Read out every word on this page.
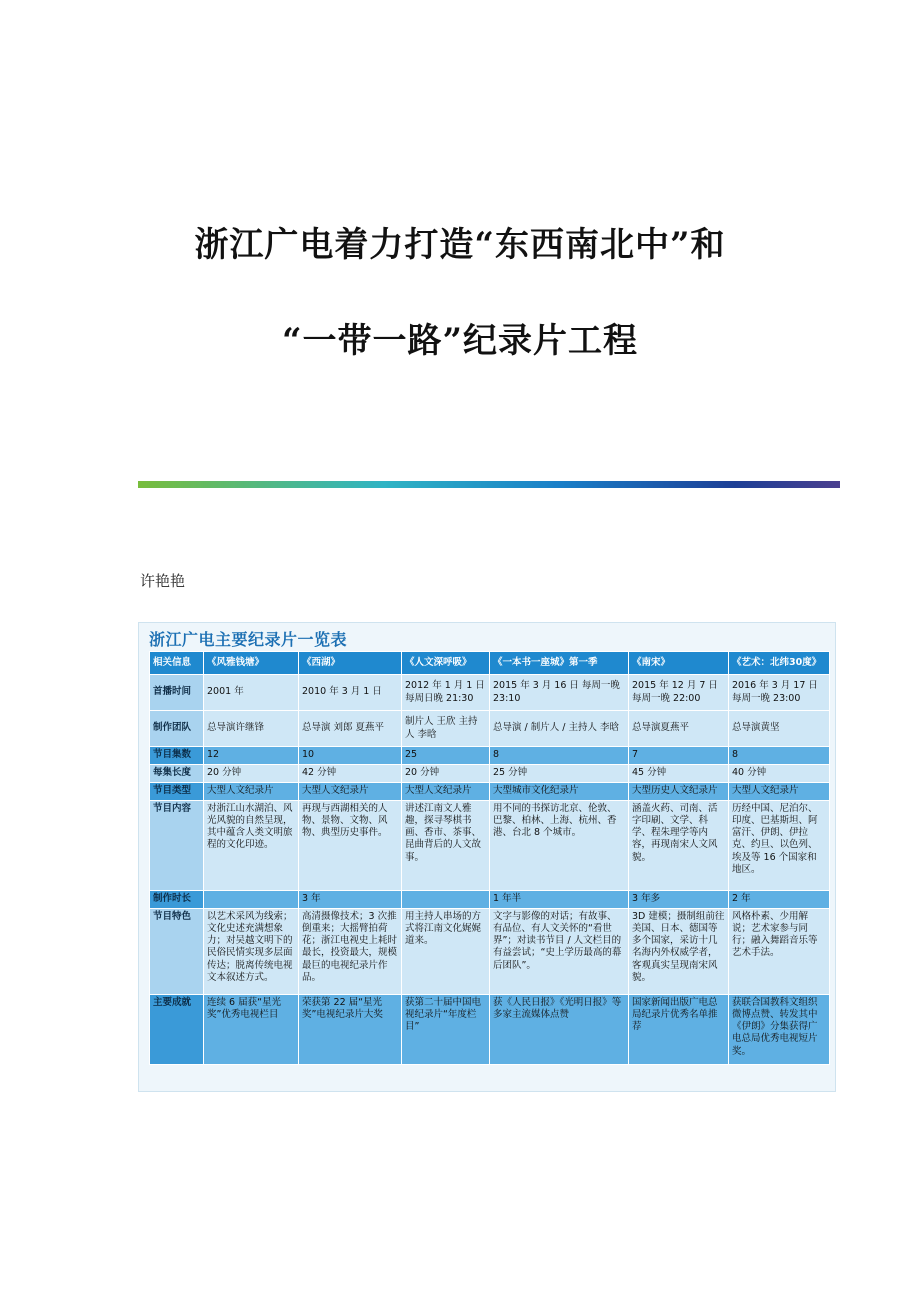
浙江广电着力打造“东西南北中”和
“一带一路”纪录片工程
许艳艳
浙江广电主要纪录片一览表
相关信息	《风雅钱塘》	《西湖》	《人文深呼吸》	《一本书一座城》第一季	《南宋》	《艺术：北纬30度》
首播时间	2001 年	2010 年 3 月 1 日	2012 年 1 月 1 日 每周日晚 21:30	2015 年 3 月 16 日 每周一晚 23:10	2015 年 12 月 7 日 每周一晚 22:00	2016 年 3 月 17 日 每周一晚 23:00
制作团队	总导演许继锋	总导演 刘郎 夏燕平	制片人 王欣 主持人 李晗	总导演 / 制片人 / 主持人 李晗	总导演夏燕平	总导演黄坚
节目集数	12	10	25	8	7	8
每集长度	20 分钟	42 分钟	20 分钟	25 分钟	45 分钟	40 分钟
节目类型	大型人文纪录片	大型人文纪录片	大型人文纪录片	大型城市文化纪录片	大型历史人文纪录片	大型人文纪录片
节目内容	对浙江山水湖泊、风光风貌的自然呈现，其中蕴含人类文明旅程的文化印迹。	再现与西湖相关的人物、景物、文物、风物、典型历史事件。	讲述江南文人雅趣，探寻琴棋书画、香市、茶事、昆曲背后的人文故事。	用不同的书探访北京、伦敦、巴黎、柏林、上海、杭州、香港、台北 8 个城市。	涵盖火药、司南、活字印刷、文学、科学、程朱理学等内容，再现南宋人文风貌。	历经中国、尼泊尔、印度、巴基斯坦、阿富汗、伊朗、伊拉克、约旦、以色列、埃及等 16 个国家和地区。
制作时长		3 年		1 年半	3 年多	2 年
节目特色	以艺术采风为线索；文化史述充满想象力；对吴越文明下的民俗民情实现多层面传达；脱离传统电视文本叙述方式。	高清摄像技术；3 次推倒重来；大摇臂拍荷花；浙江电视史上耗时最长，投资最大，规模最巨的电视纪录片作品。	用主持人串场的方式将江南文化娓娓道来。	文字与影像的对话；有故事、有品位、有人文关怀的“看世界”；对读书节目 / 人文栏目的有益尝试；“史上学历最高的幕后团队”。	3D 建模；摄制组前往美国、日本、德国等多个国家，采访十几名海内外权威学者，客观真实呈现南宋风貌。	风格朴素、少用解说；艺术家参与同行；融入舞蹈音乐等艺术手法。
主要成就	连续 6 届获“星光奖”优秀电视栏目	荣获第 22 届“星光奖”电视纪录片大奖	获第二十届中国电视纪录片“年度栏目”	获《人民日报》《光明日报》等多家主流媒体点赞	国家新闻出版广电总局纪录片优秀名单推荐	获联合国教科文组织微博点赞、转发其中《伊朗》分集获得广电总局优秀电视短片奖。
